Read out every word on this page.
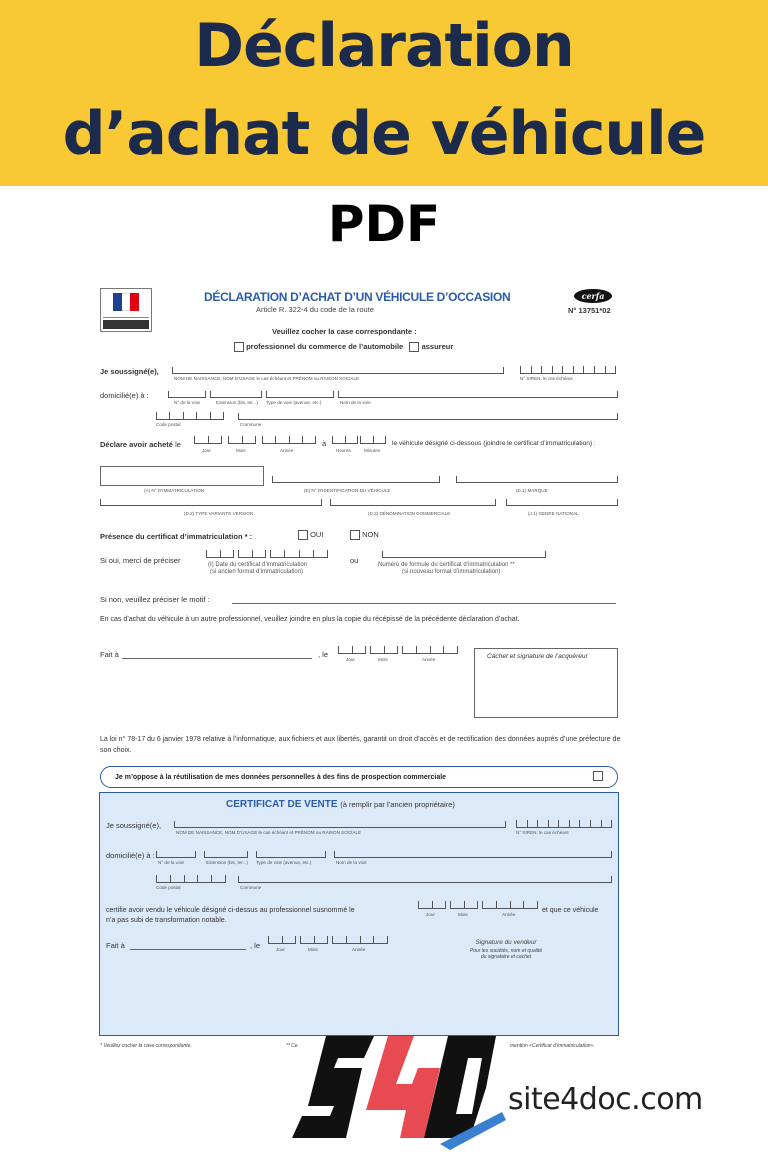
Déclaration
d’achat de véhicule
PDF
DÉCLARATION D’ACHAT D’UN VÉHICULE D’OCCASION
Article R. 322-4 du code de la route
cerfa
N° 13751*02
Veuillez cocher la case correspondante :
professionnel du commerce de l’automobile assureur
Je soussigné(e),
NOM DE NAISSANCE, NOM D’USAGE le cas échéant et PRÉNOM ou RAISON SOCIALE	N° SIREN, le cas échéant
domicilié(e) à :
N° de la voie	Extension (bis, ter...) Type de voie (avenue, etc.)	Nom de la voie
Code postal	Commune
Déclare avoir acheté le	à	le véhicule désigné ci-dessous (joindre le certificat d’immatriculation) :
Jour	Mois	Année	Heures	Minutes
(A) N° D’IMMATRICULATION	(E) N° D’IDENTIFICATION DU VÉHICULE	(D.1) MARQUE
(D.2) TYPE VARIANTE VERSION	(D.3) DÉNOMINATION COMMERCIALE	(J.1) GENRE NATIONAL
Présence du certificat d’immatriculation * :	OUI	NON
Si oui, merci de préciser	ou
(I) Date du certificat d’immatriculation
(si ancien format d’immatriculation)
Numéro de formule du certificat d’immatriculation **
(si nouveau format d’immatriculation)
Si non, veuillez préciser le motif :
En cas d’achat du véhicule à un autre professionnel, veuillez joindre en plus la copie du récépissé de la précédente déclaration d’achat.
Fait à	, le
Jour	Mois	Année	Cachet et signature de l’acquéreur
La loi n° 78-17 du 6 janvier 1978 relative à l’informatique, aux fichiers et aux libertés, garantit un droit d’accès et de rectification des données auprès d’une préfecture de son choix.
Je m’oppose à la réutilisation de mes données personnelles à des fins de prospection commerciale
CERTIFICAT DE VENTE (à remplir par l’ancien propriétaire)
Je soussigné(e),
NOM DE NAISSANCE, NOM D’USAGE le cas échéant et PRÉNOM ou RAISON SOCIALE	N° SIREN, le cas échéant
domicilié(e) à :
N° de la voie	Extension (bis, ter...) Type de voie (avenue, etc.)	Nom de la voie
Code postal	Commune
certifie avoir vendu le véhicule désigné ci-dessus au professionnel susnommé le	et que ce véhicule
Jour	Mois	Année
n’a pas subi de transformation notable.
Fait à	, le	Jour	Mois	Année
Signature du vendeur
Pour les sociétés, nom et qualité
du signataire et cachet
* Veuillez cocher la case correspondante.	** Ce	mention «Certificat d’immatriculation».
site4doc.com
